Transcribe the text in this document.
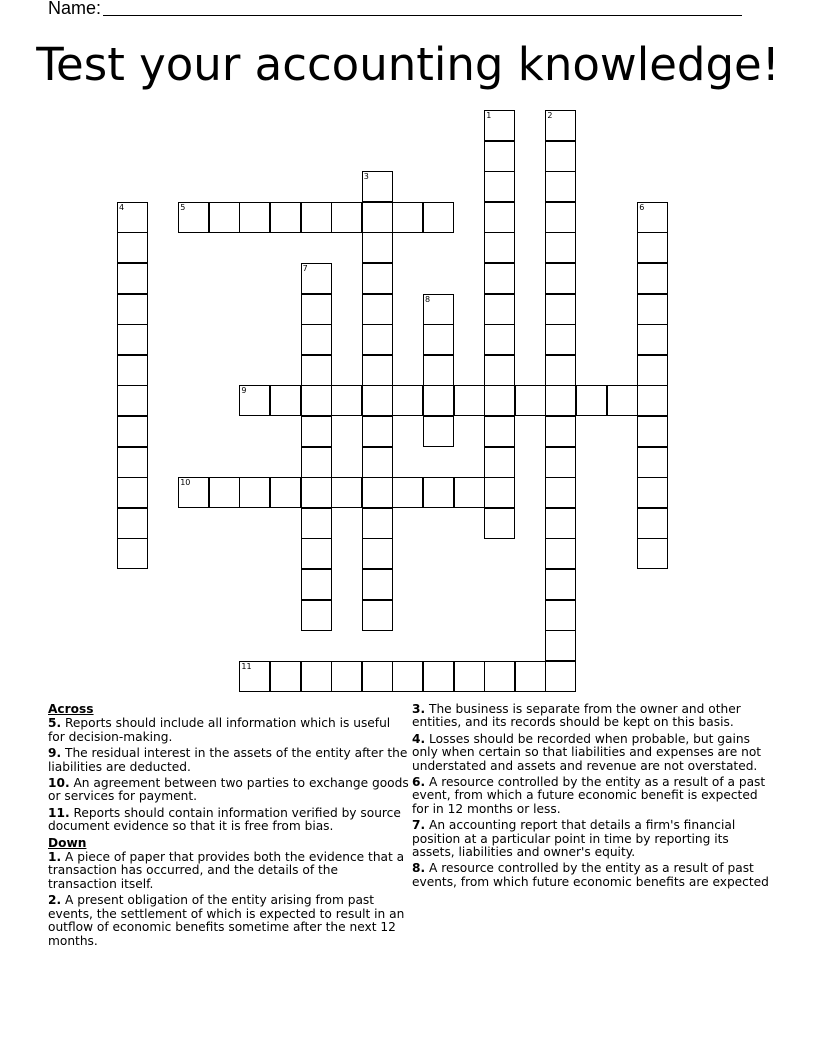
Name:
Test your accounting knowledge!
1	2
3
4	5	6
7
8
9
10
11
Across
5. Reports should include all information which is useful for decision-making.
9. The residual interest in the assets of the entity after the liabilities are deducted.
10. An agreement between two parties to exchange goods or services for payment.
11. Reports should contain information verified by source document evidence so that it is free from bias.
Down
1. A piece of paper that provides both the evidence that a transaction has occurred, and the details of the transaction itself.
2. A present obligation of the entity arising from past events, the settlement of which is expected to result in an outflow of economic benefits sometime after the next 12 months.
3. The business is separate from the owner and other entities, and its records should be kept on this basis.
4. Losses should be recorded when probable, but gains only when certain so that liabilities and expenses are not understated and assets and revenue are not overstated.
6. A resource controlled by the entity as a result of a past event, from which a future economic benefit is expected for in 12 months or less.
7. An accounting report that details a firm's financial position at a particular point in time by reporting its assets, liabilities and owner's equity.
8. A resource controlled by the entity as a result of past events, from which future economic benefits are expected
